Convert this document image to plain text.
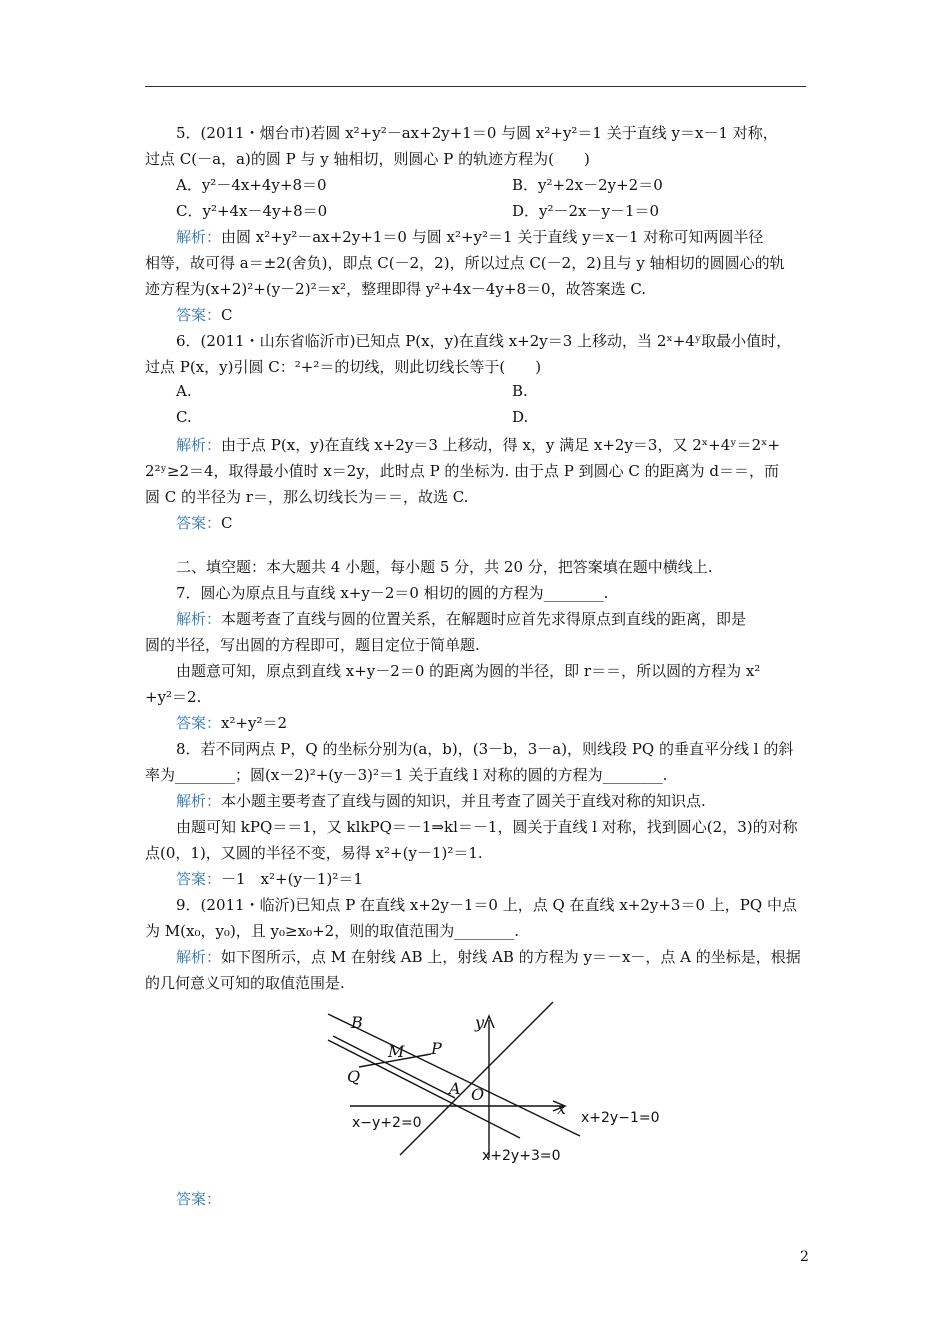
5．(2011・烟台市)若圆 x²+y²－ax+2y+1＝0 与圆 x²+y²＝1 关于直线 y＝x－1 对称，
过点 C(－a，a)的圆 P 与 y 轴相切，则圆心 P 的轨迹方程为(　　)
A．y²－4x+4y+8＝0	B．y²+2x－2y+2＝0
C．y²+4x－4y+8＝0	D．y²－2x－y－1＝0
解析：由圆 x²+y²－ax+2y+1＝0 与圆 x²+y²＝1 关于直线 y＝x－1 对称可知两圆半径
相等，故可得 a＝±2(舍负)，即点 C(－2，2)，所以过点 C(－2，2)且与 y 轴相切的圆圆心的轨
迹方程为(x+2)²+(y－2)²＝x²，整理即得 y²+4x－4y+8＝0，故答案选 C.
答案：C
6．(2011・山东省临沂市)已知点 P(x，y)在直线 x+2y＝3 上移动，当 2ˣ+4ʸ取最小值时，
过点 P(x，y)引圆 C：²+²＝的切线，则此切线长等于(　　)
A.	B.
C.	D.
解析：由于点 P(x，y)在直线 x+2y＝3 上移动，得 x，y 满足 x+2y＝3，又 2ˣ+4ʸ＝2ˣ+
2²ʸ≥2＝4，取得最小值时 x＝2y，此时点 P 的坐标为. 由于点 P 到圆心 C 的距离为 d＝＝，而
圆 C 的半径为 r＝，那么切线长为＝＝，故选 C.
答案：C
二、填空题：本大题共 4 小题，每小题 5 分，共 20 分，把答案填在题中横线上.
7．圆心为原点且与直线 x+y－2＝0 相切的圆的方程为________.
解析：本题考查了直线与圆的位置关系，在解题时应首先求得原点到直线的距离，即是
圆的半径，写出圆的方程即可，题目定位于简单题.
由题意可知，原点到直线 x+y－2＝0 的距离为圆的半径，即 r＝＝，所以圆的方程为 x²
+y²＝2.
答案：x²+y²＝2
8．若不同两点 P，Q 的坐标分别为(a，b)，(3－b，3－a)，则线段 PQ 的垂直平分线 l 的斜
率为________；圆(x－2)²+(y－3)²＝1 关于直线 l 对称的圆的方程为________.
解析：本小题主要考查了直线与圆的知识，并且考查了圆关于直线对称的知识点.
由题可知 kPQ＝＝1，又 klkPQ＝－1⇒kl＝－1，圆关于直线 l 对称，找到圆心(2，3)的对称
点(0，1)，又圆的半径不变，易得 x²+(y－1)²＝1.
答案：－1　x²+(y－1)²＝1
9．(2011・临沂)已知点 P 在直线 x+2y－1＝0 上，点 Q 在直线 x+2y+3＝0 上，PQ 中点
为 M(x₀，y₀)，且 y₀≥x₀+2，则的取值范围为________.
解析：如下图所示，点 M 在射线 AB 上，射线 AB 的方程为 y＝－x－，点 A 的坐标是，根据
的几何意义可知的取值范围是.
y
x
B
M P
Q
A O
x−y+2=0	x+2y−1=0
x+2y+3=0
答案：
2
